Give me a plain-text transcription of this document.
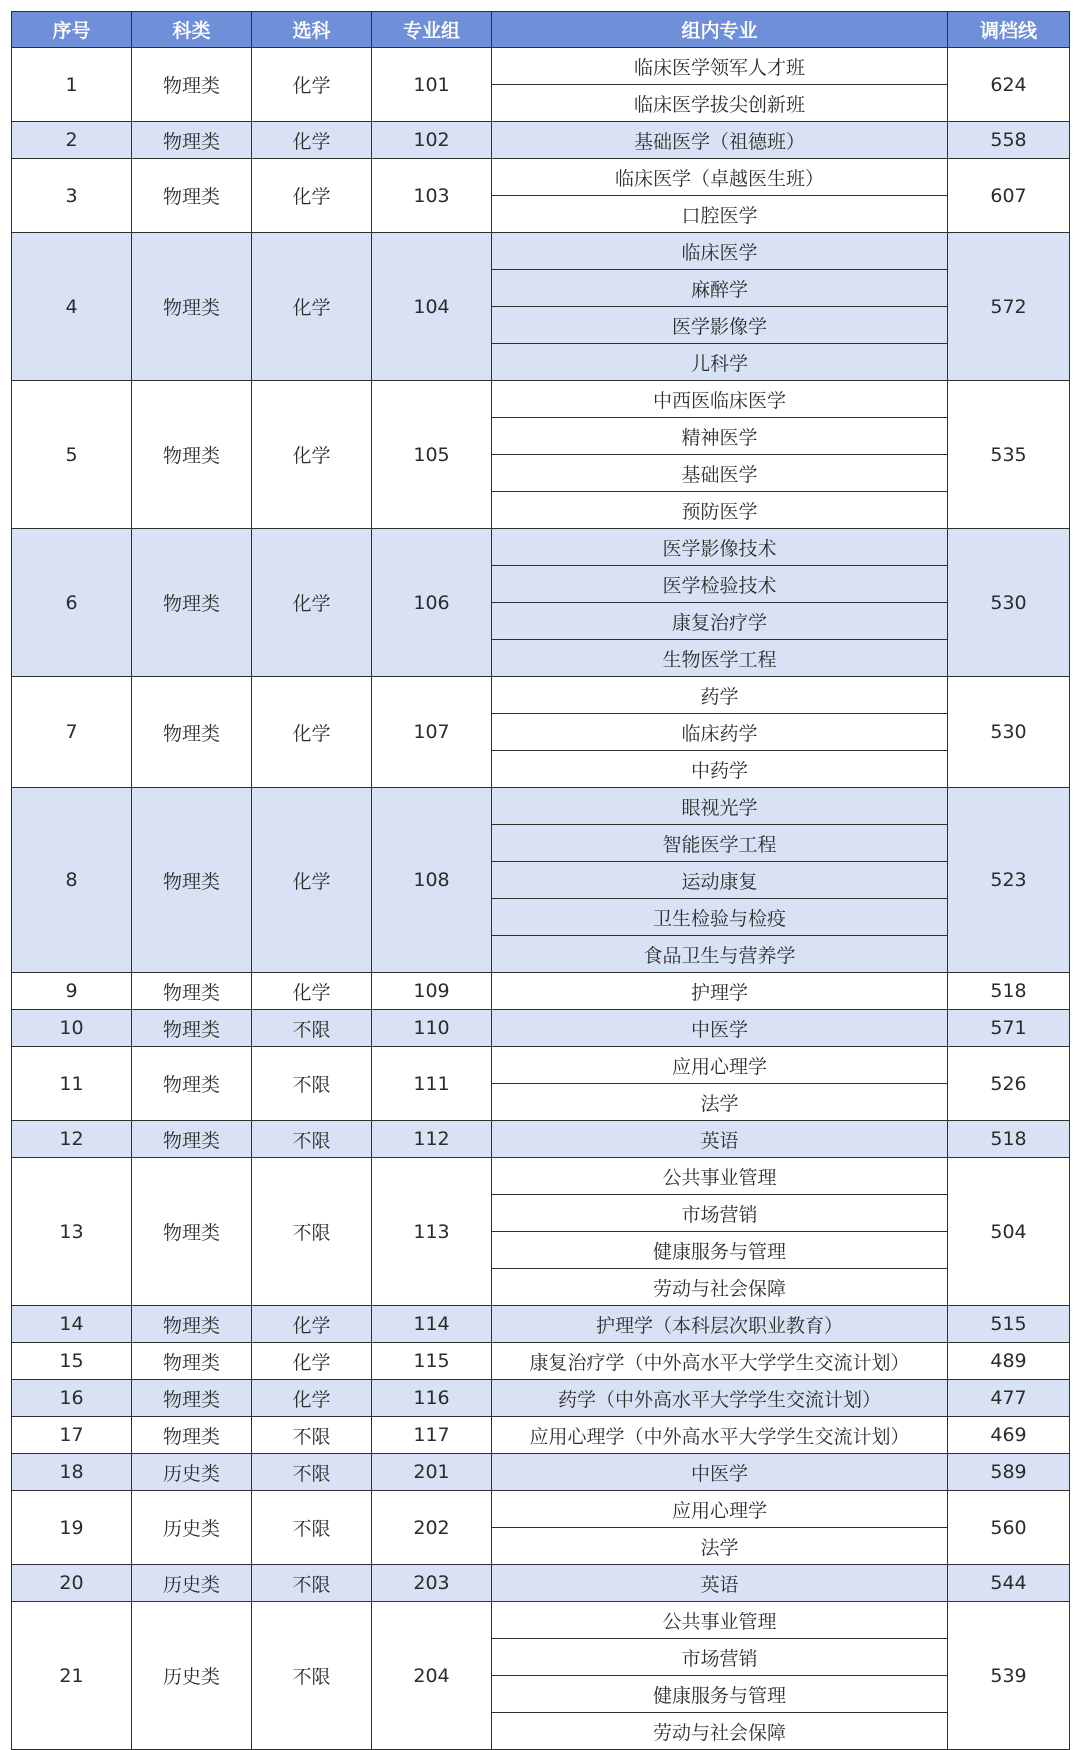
序号	科类	选科	专业组	组内专业	调档线
1	物理类	化学	101	临床医学领军人才班	624
				临床医学拔尖创新班	
2	物理类	化学	102	基础医学（祖德班）	558
3	物理类	化学	103	临床医学（卓越医生班）	607
				口腔医学	
4	物理类	化学	104	临床医学	572
				麻醉学	
				医学影像学	
				儿科学	
5	物理类	化学	105	中西医临床医学	535
				精神医学	
				基础医学	
				预防医学	
6	物理类	化学	106	医学影像技术	530
				医学检验技术	
				康复治疗学	
				生物医学工程	
7	物理类	化学	107	药学	530
				临床药学	
				中药学	
8	物理类	化学	108	眼视光学	523
				智能医学工程	
				运动康复	
				卫生检验与检疫	
				食品卫生与营养学	
9	物理类	化学	109	护理学	518
10	物理类	不限	110	中医学	571
11	物理类	不限	111	应用心理学	526
				法学	
12	物理类	不限	112	英语	518
13	物理类	不限	113	公共事业管理	504
				市场营销	
				健康服务与管理	
				劳动与社会保障	
14	物理类	化学	114	护理学（本科层次职业教育）	515
15	物理类	化学	115	康复治疗学（中外高水平大学学生交流计划）	489
16	物理类	化学	116	药学（中外高水平大学学生交流计划）	477
17	物理类	不限	117	应用心理学（中外高水平大学学生交流计划）	469
18	历史类	不限	201	中医学	589
19	历史类	不限	202	应用心理学	560
				法学	
20	历史类	不限	203	英语	544
21	历史类	不限	204	公共事业管理	539
				市场营销	
				健康服务与管理	
				劳动与社会保障	
